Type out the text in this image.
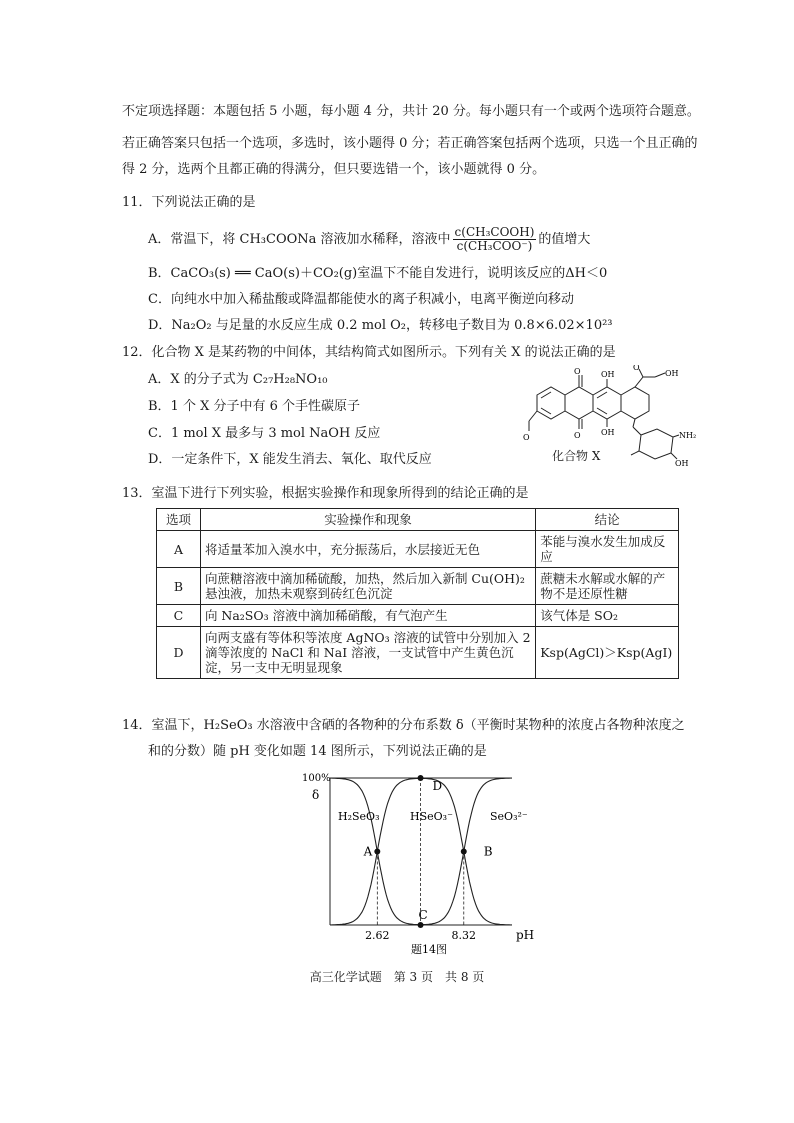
不定项选择题：本题包括 5 小题，每小题 4 分，共计 20 分。每小题只有一个或两个选项符合题意。
若正确答案只包括一个选项，多选时，该小题得 0 分；若正确答案包括两个选项，只选一个且正确的
得 2 分，选两个且都正确的得满分，但只要选错一个，该小题就得 0 分。
11．下列说法正确的是
A．常温下，将 CH₃COONa 溶液加水稀释，溶液中 $\frac{\text{c(CH₃COOH)}}{\text{c(CH₃COO⁻)}}$ 的值增大
B．CaCO₃(s) ══ CaO(s)＋CO₂(g)室温下不能自发进行，说明该反应的ΔH＜0
C．向纯水中加入稀盐酸或降温都能使水的离子积减小，电离平衡逆向移动
D．Na₂O₂ 与足量的水反应生成 0.2 mol O₂，转移电子数目为 0.8×6.02×10²³
12．化合物 X 是某药物的中间体，其结构简式如图所示。下列有关 X 的说法正确的是
A．X 的分子式为 C₂₇H₂₈NO₁₀
B．1 个 X 分子中有 6 个手性碳原子
C．1 mol X 最多与 3 mol NaOH 反应
D．一定条件下，X 能发生消去、氧化、取代反应
O
O
OH
OH
O
OH
O	NH₂
OH
化合物 X
13．室温下进行下列实验，根据实验操作和现象所得到的结论正确的是
选项	实验操作和现象	结论
A	将适量苯加入溴水中，充分振荡后，水层接近无色	苯能与溴水发生加成反应
B	向蔗糖溶液中滴加稀硫酸，加热，然后加入新制 Cu(OH)₂悬浊液，加热未观察到砖红色沉淀	蔗糖未水解或水解的产物不是还原性糖
C	向 Na₂SO₃ 溶液中滴加稀硝酸，有气泡产生	该气体是 SO₂
D	向两支盛有等体积等浓度 AgNO₃ 溶液的试管中分别加入 2 滴等浓度的 NaCl 和 NaI 溶液，一支试管中产生黄色沉淀，另一支中无明显现象	Ksp(AgCl)＞Ksp(AgI)
14．室温下，H₂SeO₃ 水溶液中含硒的各物种的分布系数 δ（平衡时某物种的浓度占各物种浓度之
和的分数）随 pH 变化如题 14 图所示，下列说法正确的是
A	B
C
D
100%
δ
pH
H₂SeO₃	HSeO₃⁻	SeO₃²⁻
2.62	8.32
题14图
高三化学试题　第 3 页　共 8 页
